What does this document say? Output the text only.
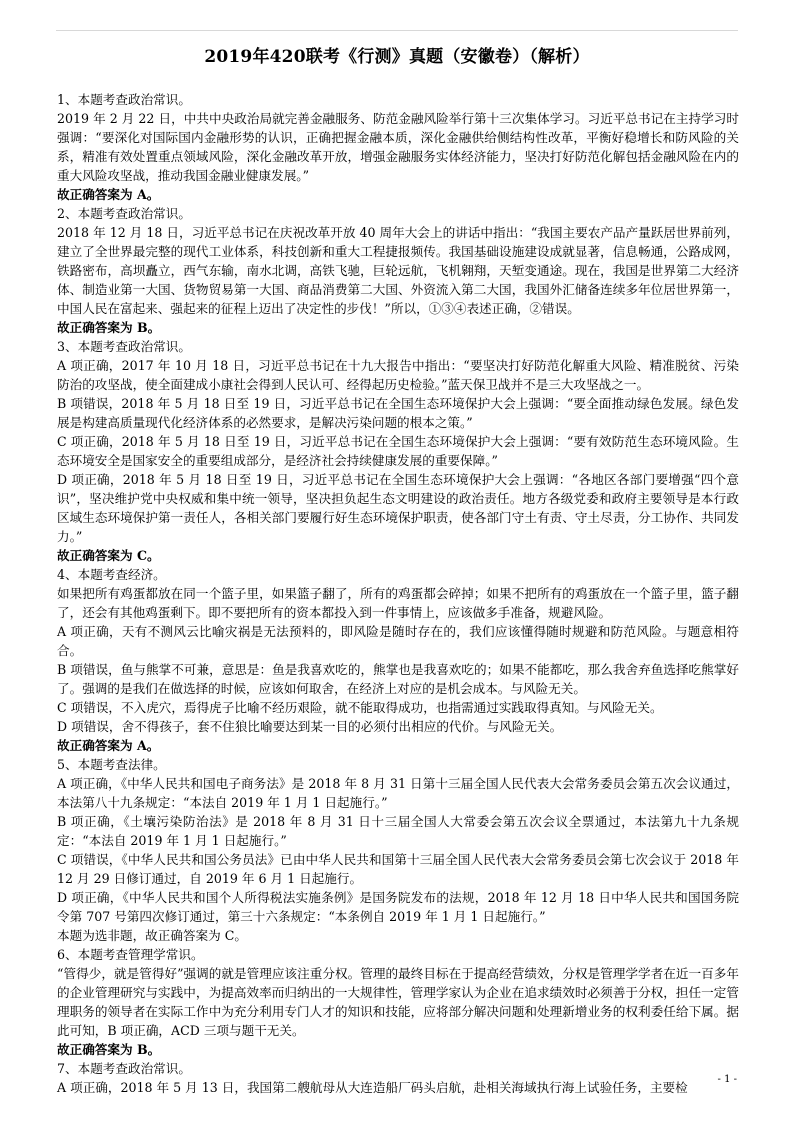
2019年420联考《行测》真题（安徽卷）（解析）

1、本题考查政治常识。

2019 年 2 月 22 日，中共中央政治局就完善金融服务、防范金融风险举行第十三次集体学习。习近平总书记在主持学习时强调：“要深化对国际国内金融形势的认识，正确把握金融本质，深化金融供给侧结构性改革，平衡好稳增长和防风险的关系，精准有效处置重点领域风险，深化金融改革开放，增强金融服务实体经济能力，坚决打好防范化解包括金融风险在内的重大风险攻坚战，推动我国金融业健康发展。”

故正确答案为 A。

2、本题考查政治常识。

2018 年 12 月 18 日，习近平总书记在庆祝改革开放 40 周年大会上的讲话中指出：“我国主要农产品产量跃居世界前列，建立了全世界最完整的现代工业体系，科技创新和重大工程捷报频传。我国基础设施建设成就显著，信息畅通，公路成网，铁路密布，高坝矗立，西气东输，南水北调，高铁飞驰，巨轮远航，飞机翱翔，天堑变通途。现在，我国是世界第二大经济体、制造业第一大国、货物贸易第一大国、商品消费第二大国、外资流入第二大国，我国外汇储备连续多年位居世界第一，中国人民在富起来、强起来的征程上迈出了决定性的步伐！”所以，①③④表述正确，②错误。

故正确答案为 B。

3、本题考查政治常识。

A 项正确，2017 年 10 月 18 日，习近平总书记在十九大报告中指出：“要坚决打好防范化解重大风险、精准脱贫、污染防治的攻坚战，使全面建成小康社会得到人民认可、经得起历史检验。”蓝天保卫战并不是三大攻坚战之一。

B 项错误，2018 年 5 月 18 日至 19 日，习近平总书记在全国生态环境保护大会上强调：“要全面推动绿色发展。绿色发展是构建高质量现代化经济体系的必然要求，是解决污染问题的根本之策。”

C 项正确，2018 年 5 月 18 日至 19 日，习近平总书记在全国生态环境保护大会上强调：“要有效防范生态环境风险。生态环境安全是国家安全的重要组成部分，是经济社会持续健康发展的重要保障。”

D 项正确，2018 年 5 月 18 日至 19 日，习近平总书记在全国生态环境保护大会上强调：“各地区各部门要增强“四个意识”，坚决维护党中央权威和集中统一领导，坚决担负起生态文明建设的政治责任。地方各级党委和政府主要领导是本行政区域生态环境保护第一责任人，各相关部门要履行好生态环境保护职责，使各部门守土有责、守土尽责，分工协作、共同发力。”

故正确答案为 C。

4、本题考查经济。

如果把所有鸡蛋都放在同一个篮子里，如果篮子翻了，所有的鸡蛋都会碎掉；如果不把所有的鸡蛋放在一个篮子里，篮子翻了，还会有其他鸡蛋剩下。即不要把所有的资本都投入到一件事情上，应该做多手准备，规避风险。

A 项正确，天有不测风云比喻灾祸是无法预料的，即风险是随时存在的，我们应该懂得随时规避和防范风险。与题意相符合。

B 项错误，鱼与熊掌不可兼，意思是：鱼是我喜欢吃的，熊掌也是我喜欢吃的；如果不能都吃，那么我舍弃鱼选择吃熊掌好了。强调的是我们在做选择的时候，应该如何取舍，在经济上对应的是机会成本。与风险无关。

C 项错误，不入虎穴，焉得虎子比喻不经历艰险，就不能取得成功，也指需通过实践取得真知。与风险无关。

D 项错误，舍不得孩子，套不住狼比喻要达到某一目的必须付出相应的代价。与风险无关。

故正确答案为 A。

5、本题考查法律。

A 项正确，《中华人民共和国电子商务法》是 2018 年 8 月 31 日第十三届全国人民代表大会常务委员会第五次会议通过，本法第八十九条规定：“本法自 2019 年 1 月 1 日起施行。”

B 项正确，《土壤污染防治法》是 2018 年 8 月 31 日十三届全国人大常委会第五次会议全票通过，本法第九十九条规定：“本法自 2019 年 1 月 1 日起施行。”

C 项错误，《中华人民共和国公务员法》已由中华人民共和国第十三届全国人民代表大会常务委员会第七次会议于 2018 年 12 月 29 日修订通过，自 2019 年 6 月 1 日起施行。

D 项正确，《中华人民共和国个人所得税法实施条例》是国务院发布的法规，2018 年 12 月 18 日中华人民共和国国务院令第 707 号第四次修订通过，第三十六条规定：“本条例自 2019 年 1 月 1 日起施行。”

本题为选非题，故正确答案为 C。

6、本题考查管理学常识。

“管得少，就是管得好”强调的就是管理应该注重分权。管理的最终目标在于提高经营绩效，分权是管理学学者在近一百多年的企业管理研究与实践中，为提高效率而归纳出的一大规律性，管理学家认为企业在追求绩效时必须善于分权，担任一定管理职务的领导者在实际工作中为充分利用专门人才的知识和技能，应将部分解决问题和处理新增业务的权利委任给下属。据此可知，B 项正确，ACD 三项与题干无关。

故正确答案为 B。

7、本题考查政治常识。

A 项正确，2018 年 5 月 13 日，我国第二艘航母从大连造船厂码头启航，赴相关海域执行海上试验任务，主要检

- 1 -
